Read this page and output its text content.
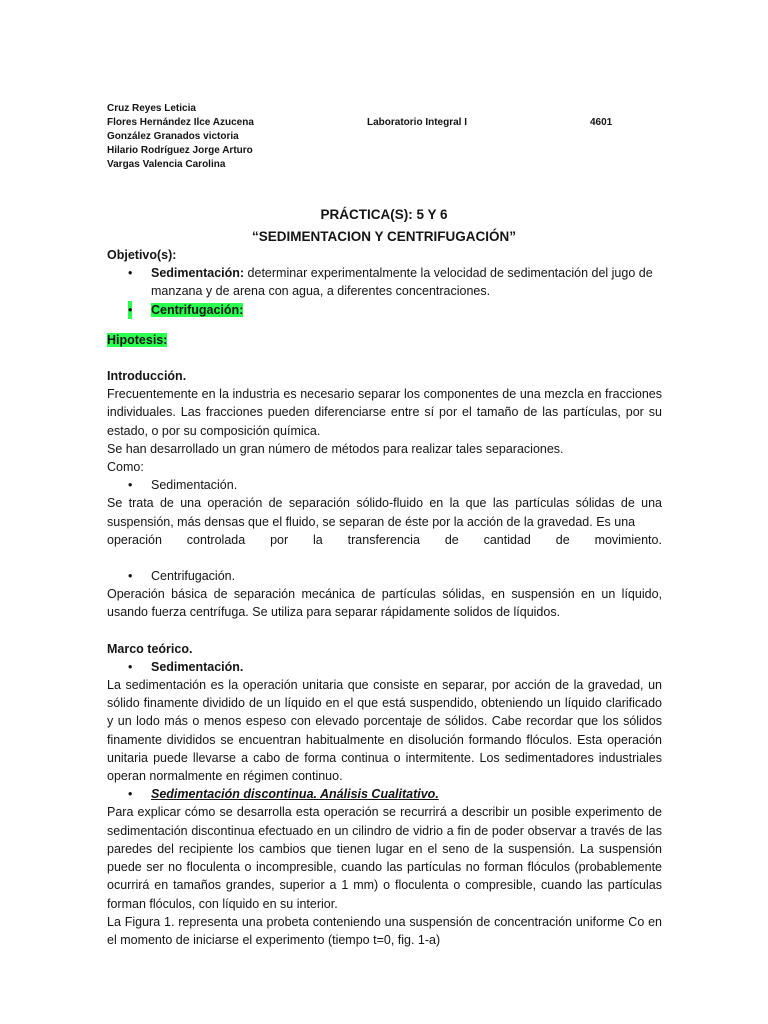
Cruz Reyes Leticia
Flores Hernández Ilce Azucena
González Granados victoria
Hilario Rodríguez Jorge Arturo
Vargas Valencia Carolina
Laboratorio Integral I	4601
PRÁCTICA(S): 5 Y 6
“SEDIMENTACION Y CENTRIFUGACIÓN”

Objetivo(s):

• Sedimentación: determinar experimentalmente la velocidad de sedimentación del jugo de manzana y de arena con agua, a diferentes concentraciones.
• Centrifugación:

Hipotesis:

Introducción.

Frecuentemente en la industria es necesario separar los componentes de una mezcla en fracciones individuales. Las fracciones pueden diferenciarse entre sí por el tamaño de las partículas, por su estado, o por su composición química.

Se han desarrollado un gran número de métodos para realizar tales separaciones.

Como:

• Sedimentación.

Se trata de una operación de separación sólido-fluido en la que las partículas sólidas de una suspensión, más densas que el fluido, se separan de éste por la acción de la gravedad. Es una

operación controlada por la transferencia de cantidad de movimiento.
• Centrifugación.

Operación básica de separación mecánica de partículas sólidas, en suspensión en un líquido, usando fuerza centrífuga. Se utiliza para separar rápidamente solidos de líquidos.

Marco teórico.

• Sedimentación.

La sedimentación es la operación unitaria que consiste en separar, por acción de la gravedad, un sólido finamente dividido de un líquido en el que está suspendido, obteniendo un líquido clarificado y un lodo más o menos espeso con elevado porcentaje de sólidos. Cabe recordar que los sólidos finamente divididos se encuentran habitualmente en disolución formando flóculos. Esta operación unitaria puede llevarse a cabo de forma continua o intermitente. Los sedimentadores industriales operan normalmente en régimen continuo.

• Sedimentación discontinua. Análisis Cualitativo.

Para explicar cómo se desarrolla esta operación se recurrirá a describir un posible experimento de sedimentación discontinua efectuado en un cilindro de vidrio a fin de poder observar a través de las paredes del recipiente los cambios que tienen lugar en el seno de la suspensión. La suspensión puede ser no floculenta o incompresible, cuando las partículas no forman flóculos (probablemente ocurrirá en tamaños grandes, superior a 1 mm) o floculenta o compresible, cuando las partículas forman flóculos, con líquido en su interior.

La Figura 1. representa una probeta conteniendo una suspensión de concentración uniforme Co en el momento de iniciarse el experimento (tiempo t=0, fig. 1-a)
